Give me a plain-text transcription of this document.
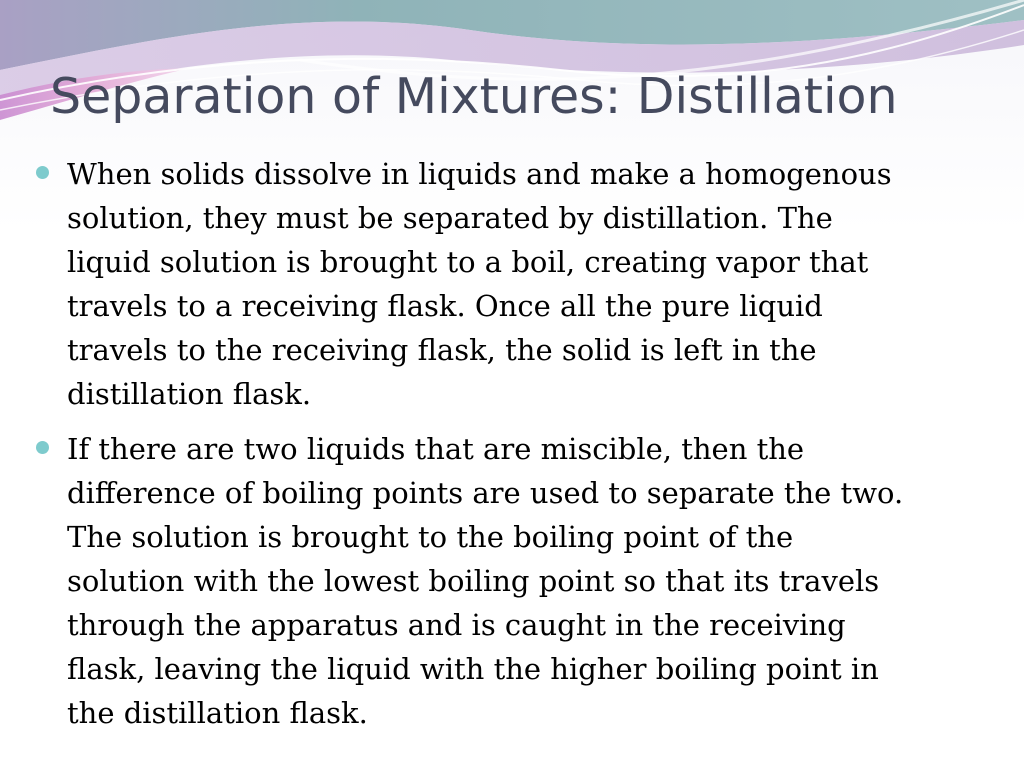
Separation of Mixtures: Distillation
When solids dissolve in liquids and make a homogenous solution, they must be separated by distillation. The liquid solution is brought to a boil, creating vapor that travels to a receiving flask. Once all the pure liquid travels to the receiving flask, the solid is left in the distillation flask.
If there are two liquids that are miscible, then the difference of boiling points are used to separate the two. The solution is brought to the boiling point of the solution with the lowest boiling point so that its travels through the apparatus and is caught in the receiving flask, leaving the liquid with the higher boiling point in the distillation flask.
